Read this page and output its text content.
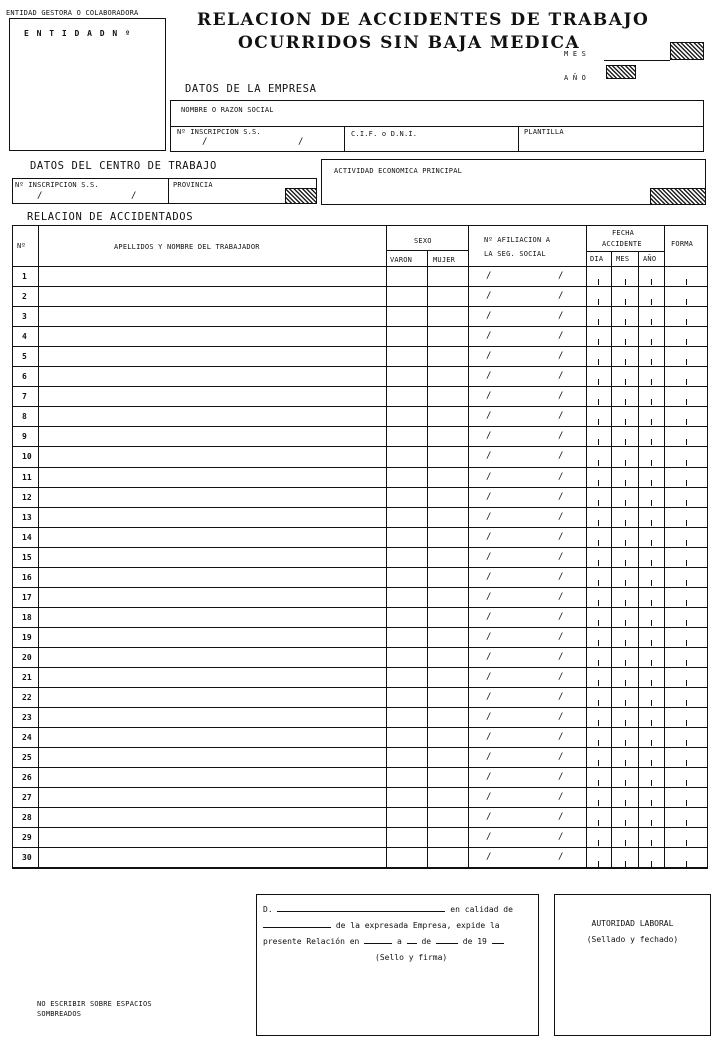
ENTIDAD GESTORA O COLABORADORA
E N T I D A D N º
RELACION DE ACCIDENTES DE TRABAJO
OCURRIDOS SIN BAJA MEDICA
M E S
A Ñ O
DATOS DE LA EMPRESA
NOMBRE O RAZON SOCIAL
Nº INSCRIPCION S.S.
/	/
C.I.F. o D.N.I.	PLANTILLA
DATOS DEL CENTRO DE TRABAJO
Nº INSCRIPCION S.S.
/	/
PROVINCIA
ACTIVIDAD ECONOMICA PRINCIPAL
RELACION DE ACCIDENTADOS
Nº	APELLIDOS Y NOMBRE DEL TRABAJADOR
SEXO
VARON	MUJER
Nº AFILIACION A
LA SEG. SOCIAL
FECHA
ACCIDENTE
DIA MES AÑO
FORMA
1	/	/
2	/	/
3	/	/
4	/	/
5	/	/
6	/	/
7	/	/
8	/	/
9	/	/
10	/	/
11	/	/
12	/	/
13	/	/
14	/	/
15	/	/
16	/	/
17	/	/
18	/	/
19	/	/
20	/	/
21	/	/
22	/	/
23	/	/
24	/	/
25	/	/
26	/	/
27	/	/
28	/	/
29	/	/
30	/	/
D.	en calidad de
de la expresada Empresa, expide la
presente Relación en	a de	de 19
(Sello y firma)
AUTORIDAD LABORAL
(Sellado y fechado)
NO ESCRIBIR SOBRE ESPACIOS
SOMBREADOS
